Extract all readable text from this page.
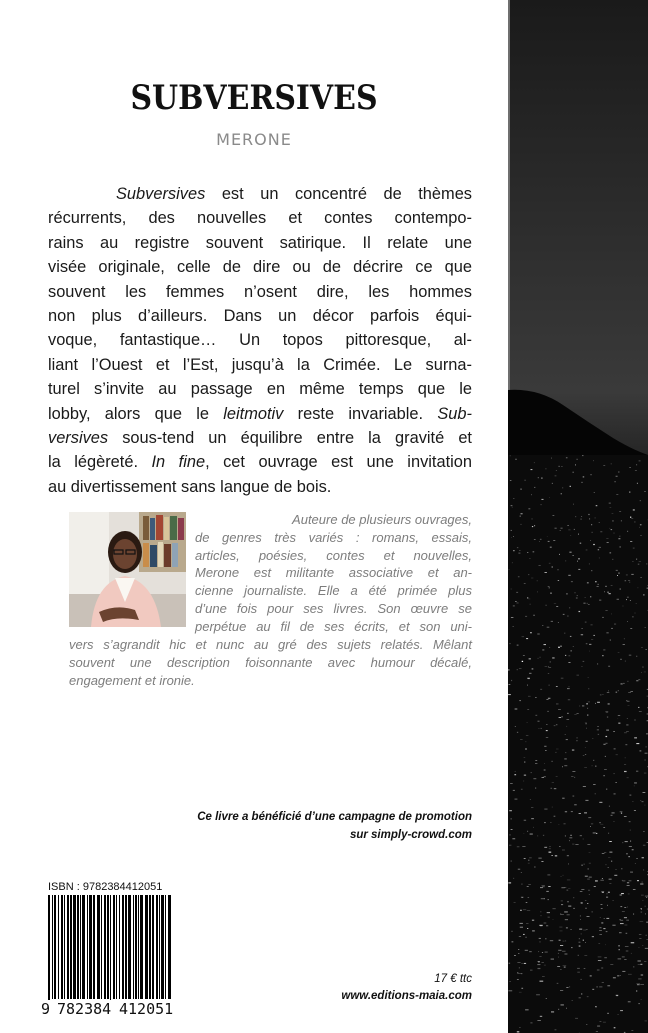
SUBVERSIVES
MERONE
Subversives est un concentré de thèmes
récurrents, des nouvelles et contes contempo-
rains au registre souvent satirique. Il relate une
visée originale, celle de dire ou de décrire ce que
souvent les femmes n’osent dire, les hommes
non plus d’ailleurs. Dans un décor parfois équi-
voque, fantastique… Un topos pittoresque, al-
liant l’Ouest et l’Est, jusqu’à la Crimée. Le surna-
turel s’invite au passage en même temps que le
lobby, alors que le leitmotiv reste invariable. Sub-
versives sous-tend un équilibre entre la gravité et
la légèreté. In fine, cet ouvrage est une invitation
au divertissement sans langue de bois.
Auteure de plusieurs ouvrages,
de genres très variés : romans, essais,
articles, poésies, contes et nouvelles,
Merone est militante associative et an-
cienne journaliste. Elle a été primée plus
d’une fois pour ses livres. Son œuvre se
perpétue au fil de ses écrits, et son uni-
vers s’agrandit hic et nunc au gré des sujets relatés. Mêlant
souvent une description foisonnante avec humour décalé,
engagement et ironie.
Ce livre a bénéficié d’une campagne de promotion
sur simply-crowd.com
ISBN : 9782384412051
9 782384 412051
17 € ttc
www.editions-maia.com
